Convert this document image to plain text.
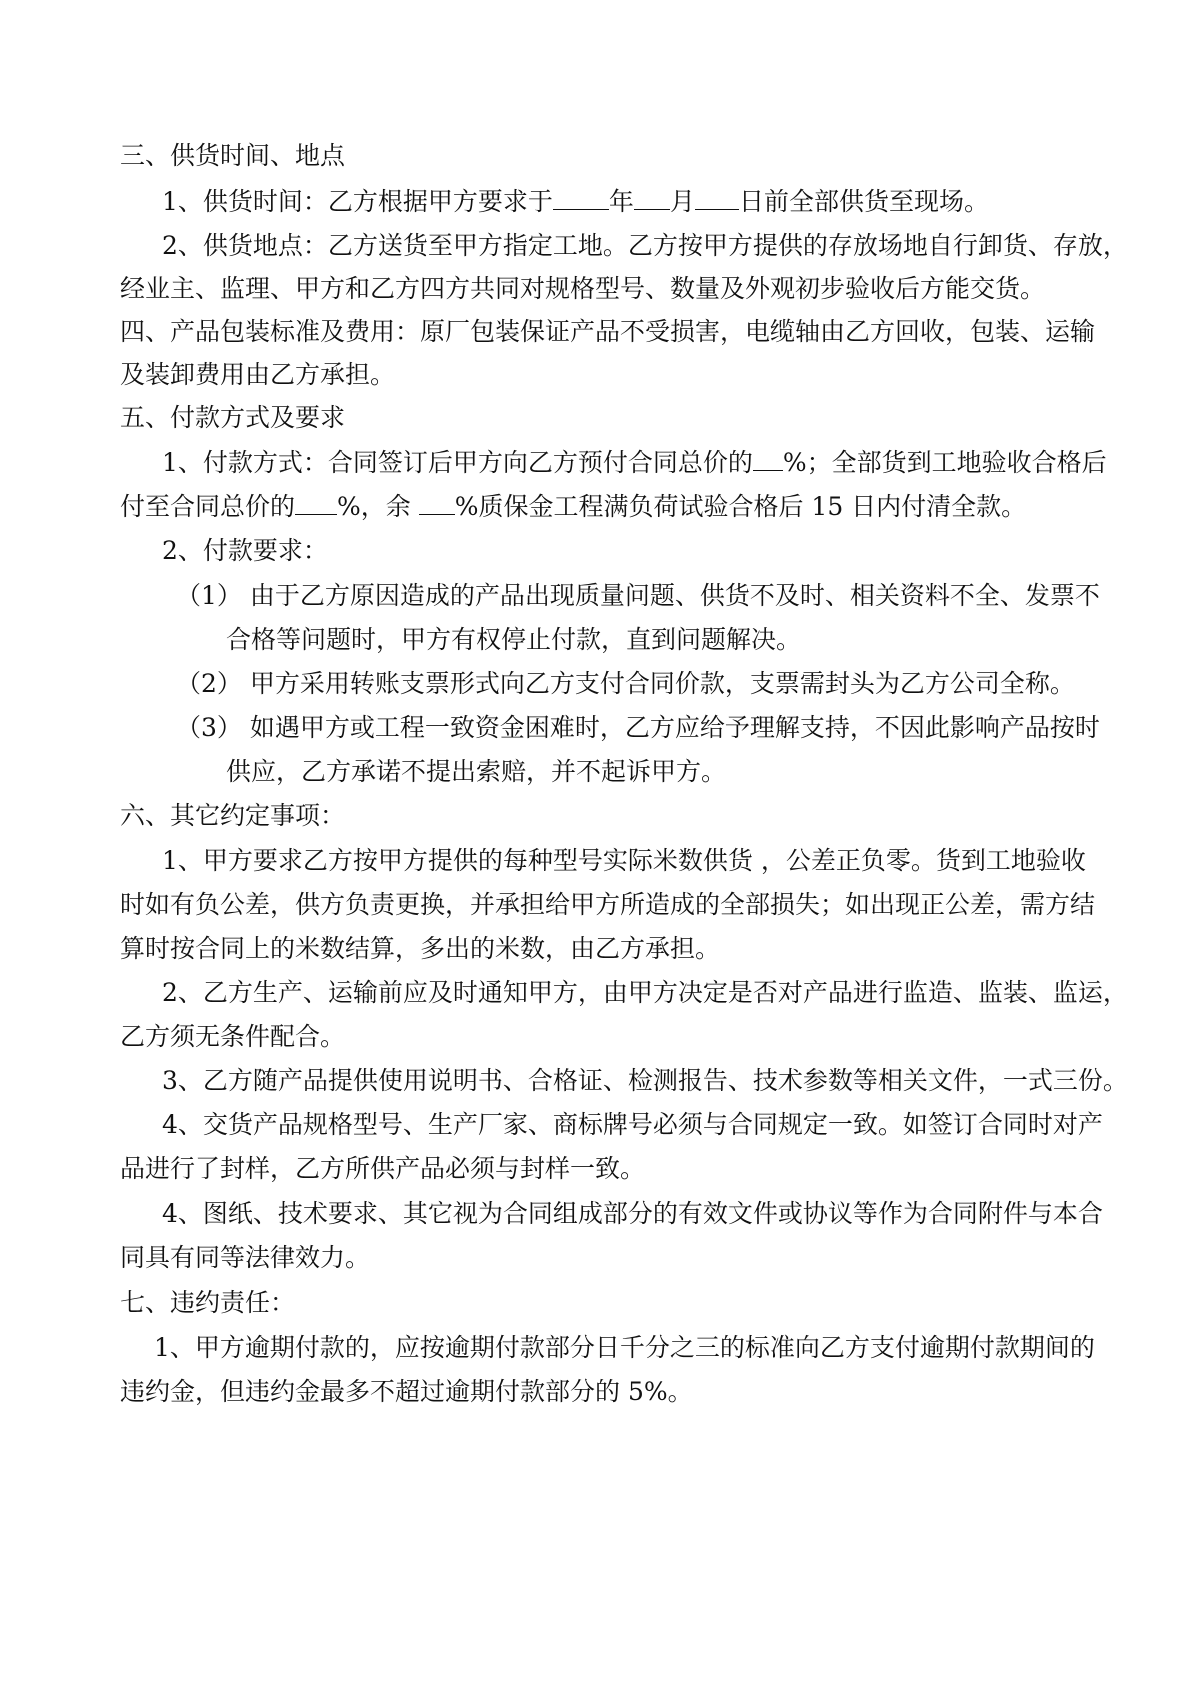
三、供货时间、地点
1、供货时间：乙方根据甲方要求于 年 月 日前全部供货至现场。
2、供货地点：乙方送货至甲方指定工地。乙方按甲方提供的存放场地自行卸货、存放，
经业主、监理、甲方和乙方四方共同对规格型号、数量及外观初步验收后方能交货。
四、产品包装标准及费用：原厂包装保证产品不受损害，电缆轴由乙方回收，包装、运输
及装卸费用由乙方承担。
五、付款方式及要求
1、付款方式：合同签订后甲方向乙方预付合同总价的 %；全部货到工地验收合格后
付至合同总价的 %，余 %质保金工程满负荷试验合格后 15 日内付清全款。
2、付款要求：
（1） 由于乙方原因造成的产品出现质量问题、供货不及时、相关资料不全、发票不
合格等问题时，甲方有权停止付款，直到问题解决。
（2） 甲方采用转账支票形式向乙方支付合同价款，支票需封头为乙方公司全称。
（3） 如遇甲方或工程一致资金困难时，乙方应给予理解支持，不因此影响产品按时
供应，乙方承诺不提出索赔，并不起诉甲方。
六、其它约定事项：
1、甲方要求乙方按甲方提供的每种型号实际米数供货 ，公差正负零。货到工地验收
时如有负公差，供方负责更换，并承担给甲方所造成的全部损失；如出现正公差，需方结
算时按合同上的米数结算，多出的米数，由乙方承担。
2、乙方生产、运输前应及时通知甲方，由甲方决定是否对产品进行监造、监装、监运，
乙方须无条件配合。
3、乙方随产品提供使用说明书、合格证、检测报告、技术参数等相关文件，一式三份。
4、交货产品规格型号、生产厂家、商标牌号必须与合同规定一致。如签订合同时对产
品进行了封样，乙方所供产品必须与封样一致。
4、图纸、技术要求、其它视为合同组成部分的有效文件或协议等作为合同附件与本合
同具有同等法律效力。
七、违约责任：
1、甲方逾期付款的，应按逾期付款部分日千分之三的标准向乙方支付逾期付款期间的
违约金，但违约金最多不超过逾期付款部分的 5%。
